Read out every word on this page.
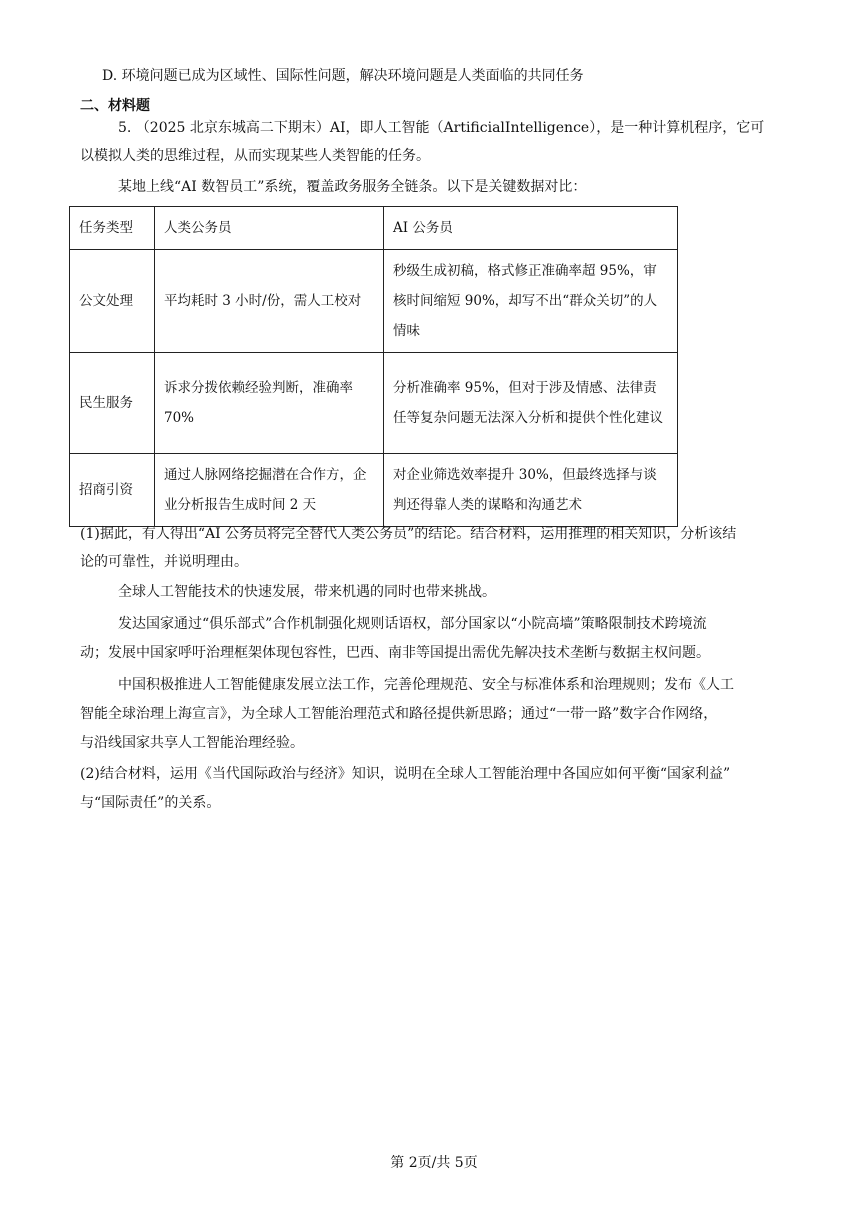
D. 环境问题已成为区域性、国际性问题，解决环境问题是人类面临的共同任务
二、材料题
5. （2025 北京东城高二下期末）AI，即人工智能（ArtificialIntelligence），是一种计算机程序，它可
以模拟人类的思维过程，从而实现某些人类智能的任务。
某地上线“AI 数智员工”系统，覆盖政务服务全链条。以下是关键数据对比：
任务类型	人类公务员	AI 公务员
公文处理	平均耗时 3 小时/份，需人工校对	秒级生成初稿，格式修正准确率超 95%，审核时间缩短 90%，却写不出“群众关切”的人情味
民生服务	诉求分拨依赖经验判断，准确率 70%	分析准确率 95%，但对于涉及情感、法律责任等复杂问题无法深入分析和提供个性化建议
招商引资	通过人脉网络挖掘潜在合作方，企业分析报告生成时间 2 天	对企业筛选效率提升 30%，但最终选择与谈判还得靠人类的谋略和沟通艺术
(1)据此，有人得出“AI 公务员将完全替代人类公务员”的结论。结合材料，运用推理的相关知识，分析该结
论的可靠性，并说明理由。
全球人工智能技术的快速发展，带来机遇的同时也带来挑战。
发达国家通过“俱乐部式”合作机制强化规则话语权，部分国家以“小院高墙”策略限制技术跨境流
动；发展中国家呼吁治理框架体现包容性，巴西、南非等国提出需优先解决技术垄断与数据主权问题。
中国积极推进人工智能健康发展立法工作，完善伦理规范、安全与标准体系和治理规则；发布《人工
智能全球治理上海宣言》，为全球人工智能治理范式和路径提供新思路；通过“一带一路”数字合作网络，
与沿线国家共享人工智能治理经验。
(2)结合材料，运用《当代国际政治与经济》知识，说明在全球人工智能治理中各国应如何平衡“国家利益”
与“国际责任”的关系。
第 2页/共 5页
